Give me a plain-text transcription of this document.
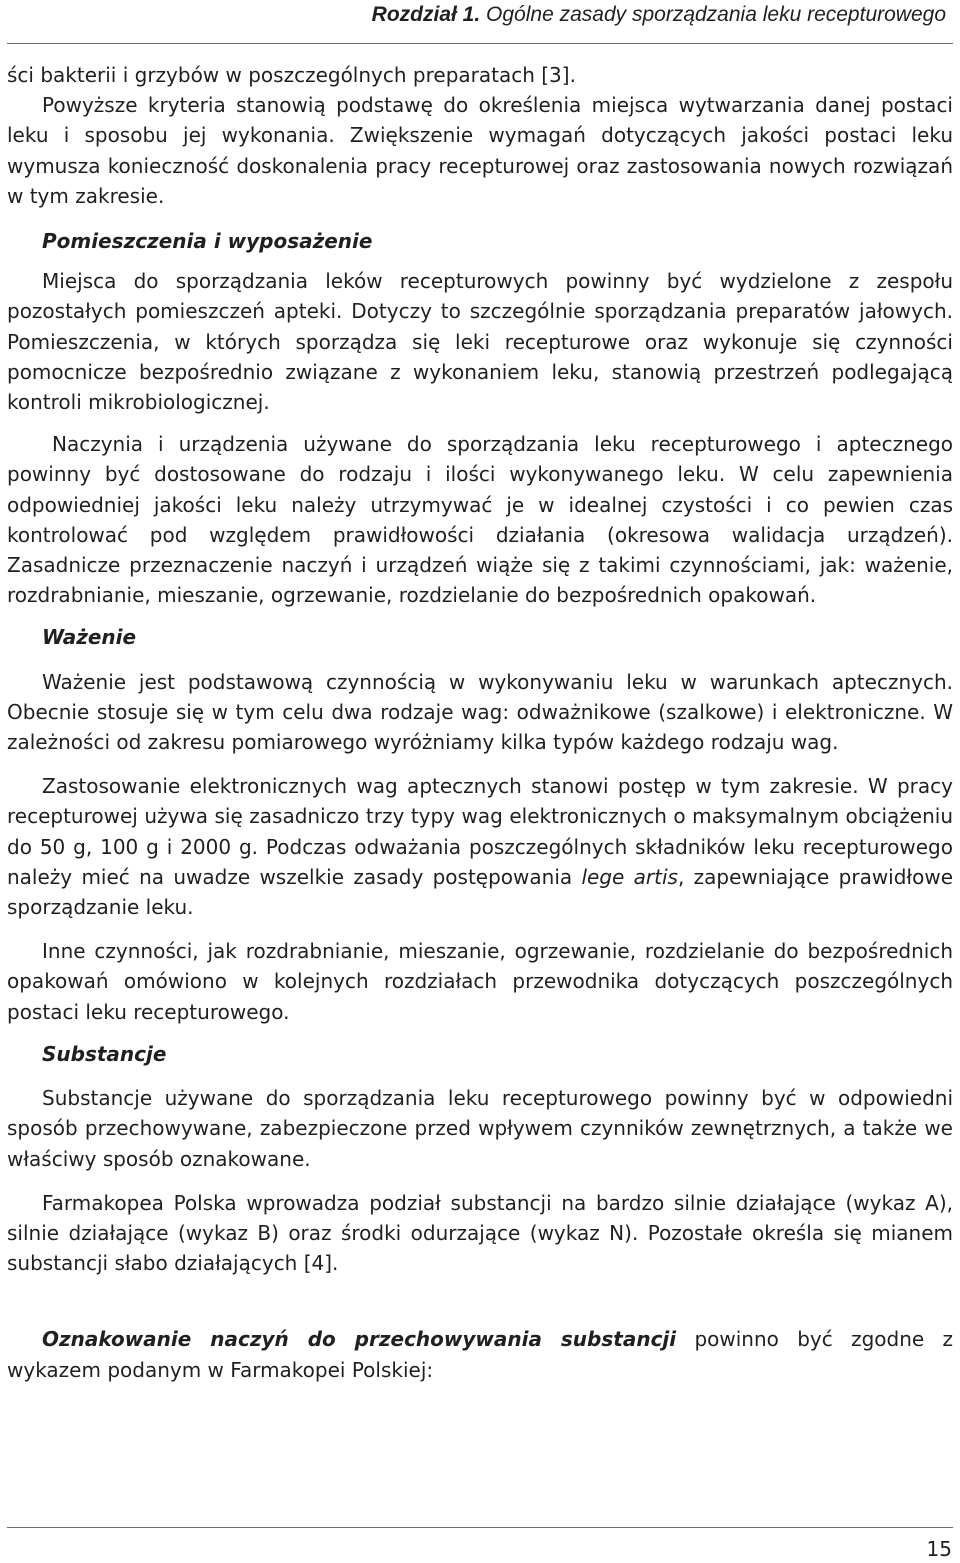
Rozdział 1. Ogólne zasady sporządzania leku recepturowego

ści bakterii i grzybów w poszczególnych preparatach [3].

Powyższe kryteria stanowią podstawę do określenia miejsca wytwarzania danej postaci leku i sposobu jej wykonania. Zwiększenie wymagań dotyczących jakości postaci leku wymusza konieczność doskonalenia pracy recepturowej oraz zastosowania nowych rozwiązań w tym zakresie.

Pomieszczenia i wyposażenie

Miejsca do sporządzania leków recepturowych powinny być wydzielone z zespołu pozostałych pomieszczeń apteki. Dotyczy to szczególnie sporządzania preparatów jałowych. Pomieszczenia, w których sporządza się leki recepturowe oraz wykonuje się czynności pomocnicze bezpośrednio związane z wykonaniem leku, stanowią przestrzeń podlegającą kontroli mikrobiologicznej.

Naczynia i urządzenia używane do sporządzania leku recepturowego i aptecznego powinny być dostosowane do rodzaju i ilości wykonywanego leku. W celu zapewnienia odpowiedniej jakości leku należy utrzymywać je w idealnej czystości i co pewien czas kontrolować pod względem prawidłowości działania (okresowa walidacja urządzeń). Zasadnicze przeznaczenie naczyń i urządzeń wiąże się z takimi czynnościami, jak: ważenie, rozdrabnianie, mieszanie, ogrzewanie, rozdzielanie do bezpośrednich opakowań.

Ważenie

Ważenie jest podstawową czynnością w wykonywaniu leku w warunkach aptecznych. Obecnie stosuje się w tym celu dwa rodzaje wag: odważnikowe (szalkowe) i elektroniczne. W zależności od zakresu pomiarowego wyróżniamy kilka typów każdego rodzaju wag.

Zastosowanie elektronicznych wag aptecznych stanowi postęp w tym zakresie. W pracy recepturowej używa się zasadniczo trzy typy wag elektronicznych o maksymalnym obciążeniu do 50 g, 100 g i 2000 g. Podczas odważania poszczególnych składników leku recepturowego należy mieć na uwadze wszelkie zasady postępowania lege artis, zapewniające prawidłowe sporządzanie leku.

Inne czynności, jak rozdrabnianie, mieszanie, ogrzewanie, rozdzielanie do bezpośrednich opakowań omówiono w kolejnych rozdziałach przewodnika dotyczących poszczególnych postaci leku recepturowego.

Substancje

Substancje używane do sporządzania leku recepturowego powinny być w odpowiedni sposób przechowywane, zabezpieczone przed wpływem czynników zewnętrznych, a także we właściwy sposób oznakowane.

Farmakopea Polska wprowadza podział substancji na bardzo silnie działające (wykaz A), silnie działające (wykaz B) oraz środki odurzające (wykaz N). Pozostałe określa się mianem substancji słabo działających [4].

Oznakowanie naczyń do przechowywania substancji powinno być zgodne z wykazem podanym w Farmakopei Polskiej:

15
